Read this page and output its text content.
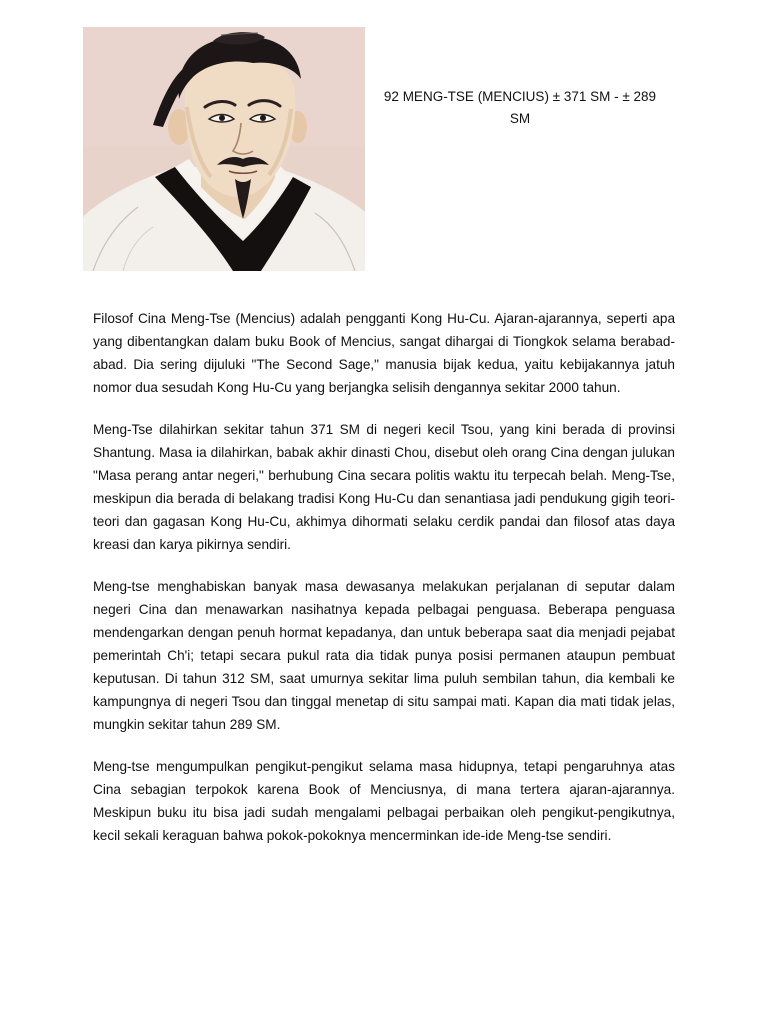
92 MENG-TSE (MENCIUS) ± 371 SM - ± 289
SM

Filosof Cina Meng-Tse (Mencius) adalah pengganti Kong Hu-Cu. Ajaran-ajarannya, seperti apa yang dibentangkan dalam buku Book of Mencius, sangat dihargai di Tiongkok selama berabad-abad. Dia sering dijuluki "The Second Sage," manusia bijak kedua, yaitu kebijakannya jatuh nomor dua sesudah Kong Hu-Cu yang berjangka selisih dengannya sekitar 2000 tahun.

Meng-Tse dilahirkan sekitar tahun 371 SM di negeri kecil Tsou, yang kini berada di provinsi Shantung. Masa ia dilahirkan, babak akhir dinasti Chou, disebut oleh orang Cina dengan julukan "Masa perang antar negeri," berhubung Cina secara politis waktu itu terpecah belah. Meng-Tse, meskipun dia berada di belakang tradisi Kong Hu-Cu dan senantiasa jadi pendukung gigih teori-teori dan gagasan Kong Hu-Cu, akhimya dihormati selaku cerdik pandai dan filosof atas daya kreasi dan karya pikirnya sendiri.

Meng-tse menghabiskan banyak masa dewasanya melakukan perjalanan di seputar dalam negeri Cina dan menawarkan nasihatnya kepada pelbagai penguasa. Beberapa penguasa mendengarkan dengan penuh hormat kepadanya, dan untuk beberapa saat dia menjadi pejabat pemerintah Ch'i; tetapi secara pukul rata dia tidak punya posisi permanen ataupun pembuat keputusan. Di tahun 312 SM, saat umurnya sekitar lima puluh sembilan tahun, dia kembali ke kampungnya di negeri Tsou dan tinggal menetap di situ sampai mati. Kapan dia mati tidak jelas, mungkin sekitar tahun 289 SM.

Meng-tse mengumpulkan pengikut-pengikut selama masa hidupnya, tetapi pengaruhnya atas Cina sebagian terpokok karena Book of Menciusnya, di mana tertera ajaran-ajarannya. Meskipun buku itu bisa jadi sudah mengalami pelbagai perbaikan oleh pengikut-pengikutnya, kecil sekali keraguan bahwa pokok-pokoknya mencerminkan ide-ide Meng-tse sendiri.
